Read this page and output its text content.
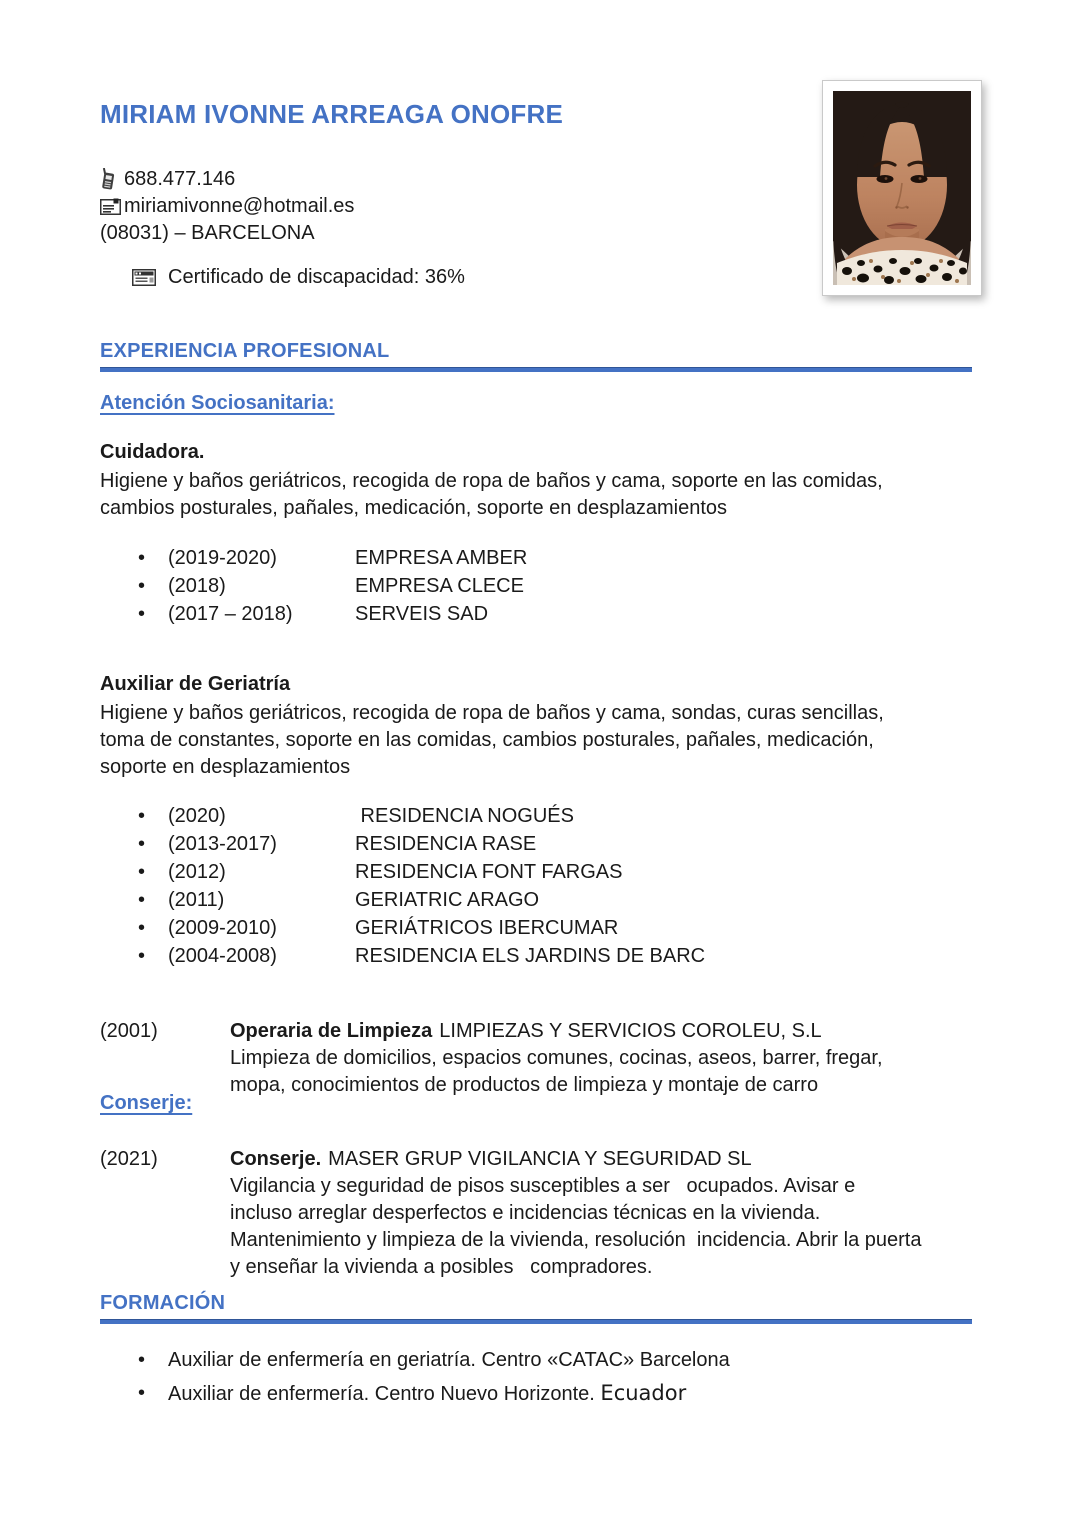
MIRIAM IVONNE ARREAGA ONOFRE
688.477.146
miriamivonne@hotmail.es
(08031) – BARCELONA
Certificado de discapacidad: 36%
EXPERIENCIA PROFESIONAL
Atención Sociosanitaria:
Cuidadora.
Higiene y baños geriátricos, recogida de ropa de baños y cama, soporte en las comidas,
cambios posturales, pañales, medicación, soporte en desplazamientos
• (2019-2020)	EMPRESA AMBER
• (2018)	EMPRESA CLECE
• (2017 – 2018)	SERVEIS SAD
Auxiliar de Geriatría
Higiene y baños geriátricos, recogida de ropa de baños y cama, sondas, curas sencillas,
toma de constantes, soporte en las comidas, cambios posturales, pañales, medicación,
soporte en desplazamientos
• (2020)	RESIDENCIA NOGUÉS
• (2013-2017)	RESIDENCIA RASE
• (2012)	RESIDENCIA FONT FARGAS
• (2011)	GERIATRIC ARAGO
• (2009-2010)	GERIÁTRICOS IBERCUMAR
• (2004-2008)	RESIDENCIA ELS JARDINS DE BARC
(2001)	Operaria de Limpieza LIMPIEZAS Y SERVICIOS COROLEU, S.L
Limpieza de domicilios, espacios comunes, cocinas, aseos, barrer, fregar,
mopa, conocimientos de productos de limpieza y montaje de carro
Conserje:
(2021)	Conserje. MASER GRUP VIGILANCIA Y SEGURIDAD SL
Vigilancia y seguridad de pisos susceptibles a ser   ocupados. Avisar e
incluso arreglar desperfectos e incidencias técnicas en la vivienda.
Mantenimiento y limpieza de la vivienda, resolución  incidencia. Abrir la puerta
y enseñar la vivienda a posibles   compradores.
FORMACIÓN
• Auxiliar de enfermería en geriatría. Centro «CATAC» Barcelona
• Auxiliar de enfermería. Centro Nuevo Horizonte. Ecuador
